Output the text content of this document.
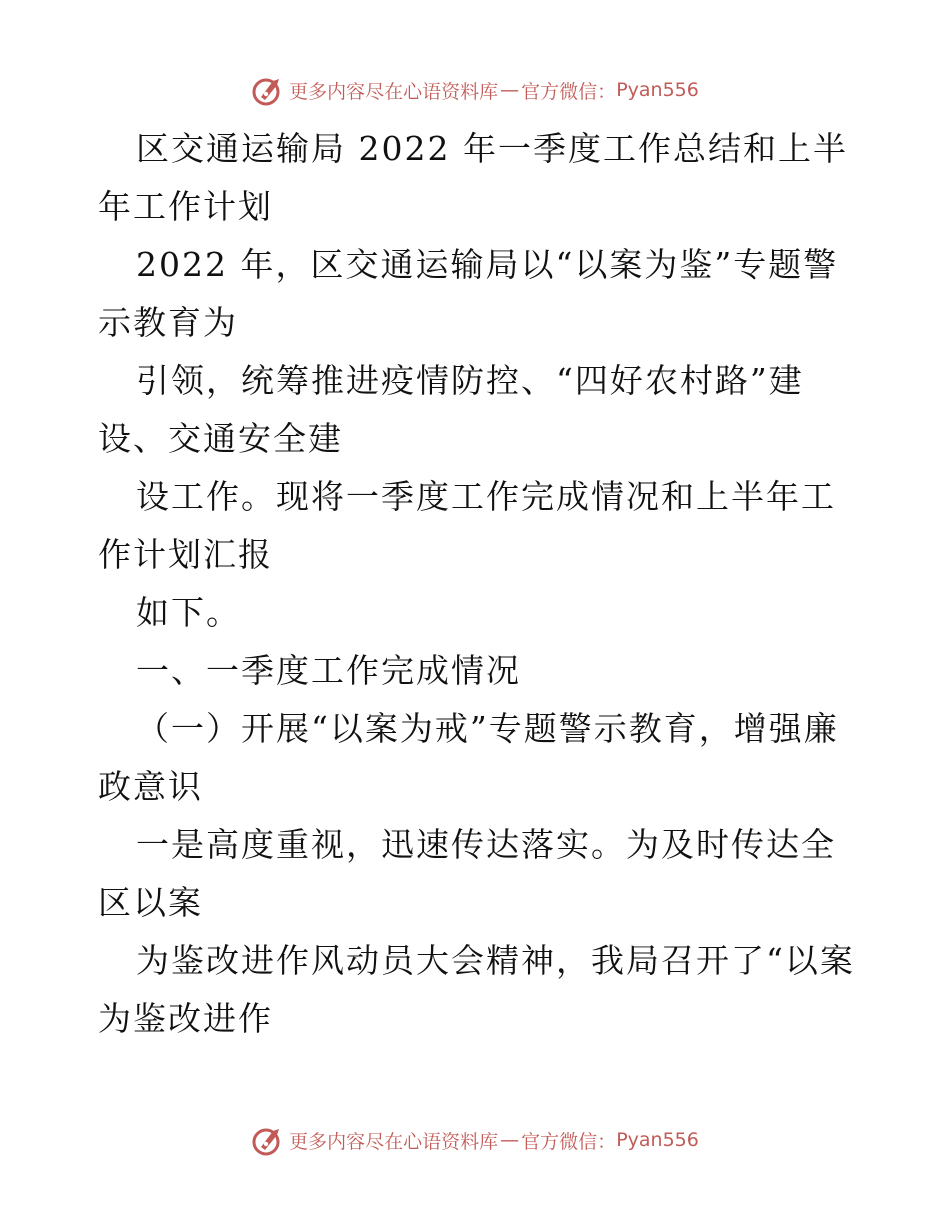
更多内容尽在心语资料库 — 官方微信： Pyan556

区交通运输局 2022 年一季度工作总结和上半年工作计划

2022 年，区交通运输局以“以案为鉴”专题警示教育为

引领，统筹推进疫情防控、“四好农村路”建设、交通安全建

设工作。现将一季度工作完成情况和上半年工作计划汇报

如下。

一、一季度工作完成情况

（一）开展“以案为戒”专题警示教育，增强廉政意识

一是高度重视，迅速传达落实。为及时传达全区以案

为鉴改进作风动员大会精神，我局召开了“以案为鉴改进作

更多内容尽在心语资料库 — 官方微信： Pyan556
